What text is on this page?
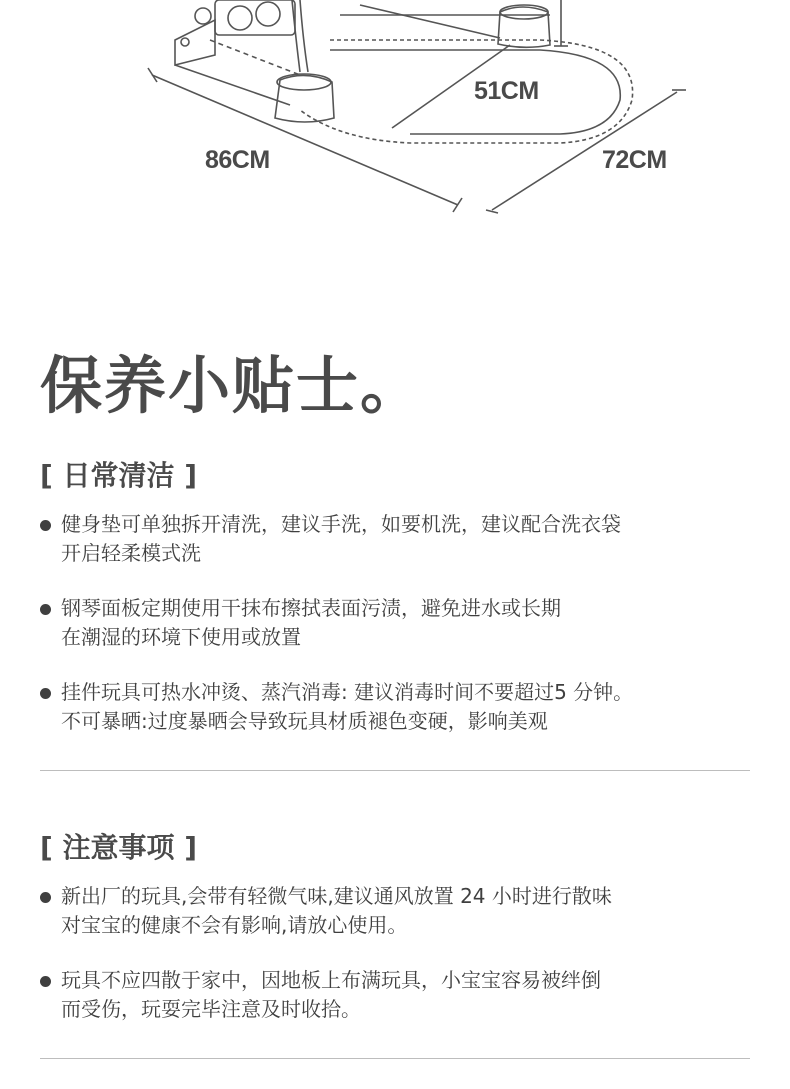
86CM
51CM
72CM
保养小贴士。
[ 日常清洁 ]
健身垫可单独拆开清洗，建议手洗，如要机洗，建议配合洗衣袋
开启轻柔模式洗
钢琴面板定期使用干抹布擦拭表面污渍，避免进水或长期
在潮湿的环境下使用或放置
挂件玩具可热水冲烫、蒸汽消毒: 建议消毒时间不要超过5 分钟。
不可暴晒:过度暴晒会导致玩具材质褪色变硬，影响美观
[ 注意事项 ]
新出厂的玩具,会带有轻微气味,建议通风放置 24 小时进行散味
对宝宝的健康不会有影响,请放心使用。
玩具不应四散于家中，因地板上布满玩具，小宝宝容易被绊倒
而受伤，玩耍完毕注意及时收拾。
